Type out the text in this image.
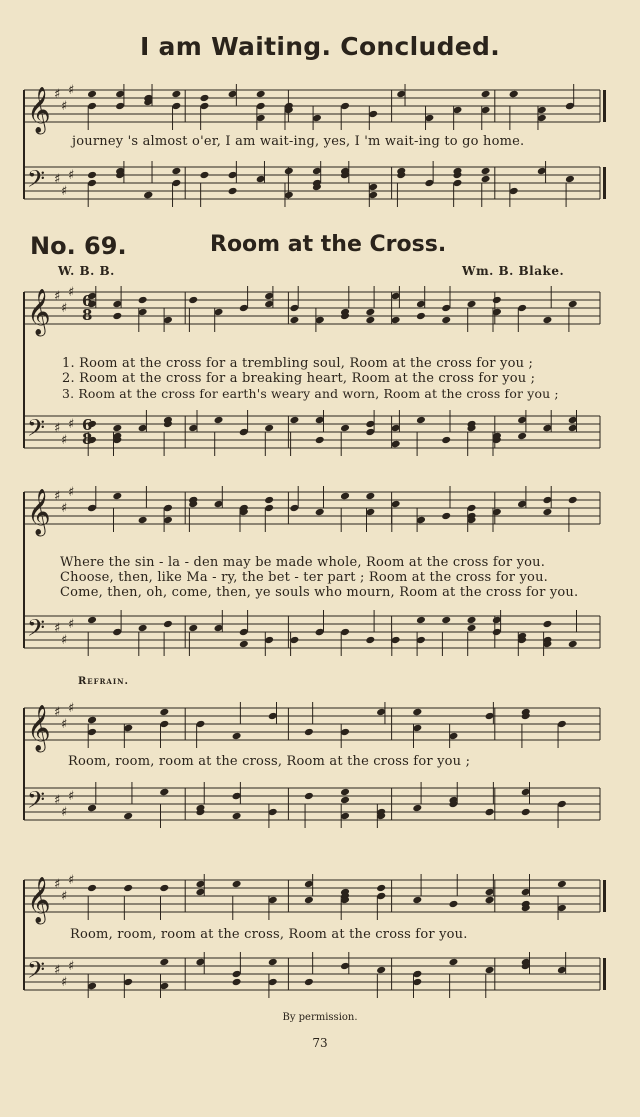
I am Waiting. Concluded.
𝄞 ♯
♯
♯
𝄢 ♯
♯
♯
𝄞 ♯
♯
♯
𝄢 ♯
♯
♯
6
6
8
8
𝄞 ♯
♯
♯
𝄢 ♯
♯
♯
𝄞 ♯
♯
♯
𝄢 ♯
♯
♯
𝄞 ♯
♯
♯
𝄢 ♯
♯
♯
journey 's almost o'er, I am wait-ing, yes, I 'm wait-ing to go home.
No. 69.	Room at the Cross.
W. B. B.	Wm. B. Blake.
1. Room at the cross for a trembling soul, Room at the cross for you ;
2. Room at the cross for a breaking heart, Room at the cross for you ;
3. Room at the cross for earth's weary and worn, Room at the cross for you ;
Where the sin - la - den may be made whole, Room at the cross for you.
Choose, then, like Ma - ry, the bet - ter part ; Room at the cross for you.
Come, then, oh, come, then, ye souls who mourn, Room at the cross for you.
Refrain.
Room, room, room at the cross, Room at the cross for you ;
Room, room, room at the cross, Room at the cross for you.
By permission.
73
